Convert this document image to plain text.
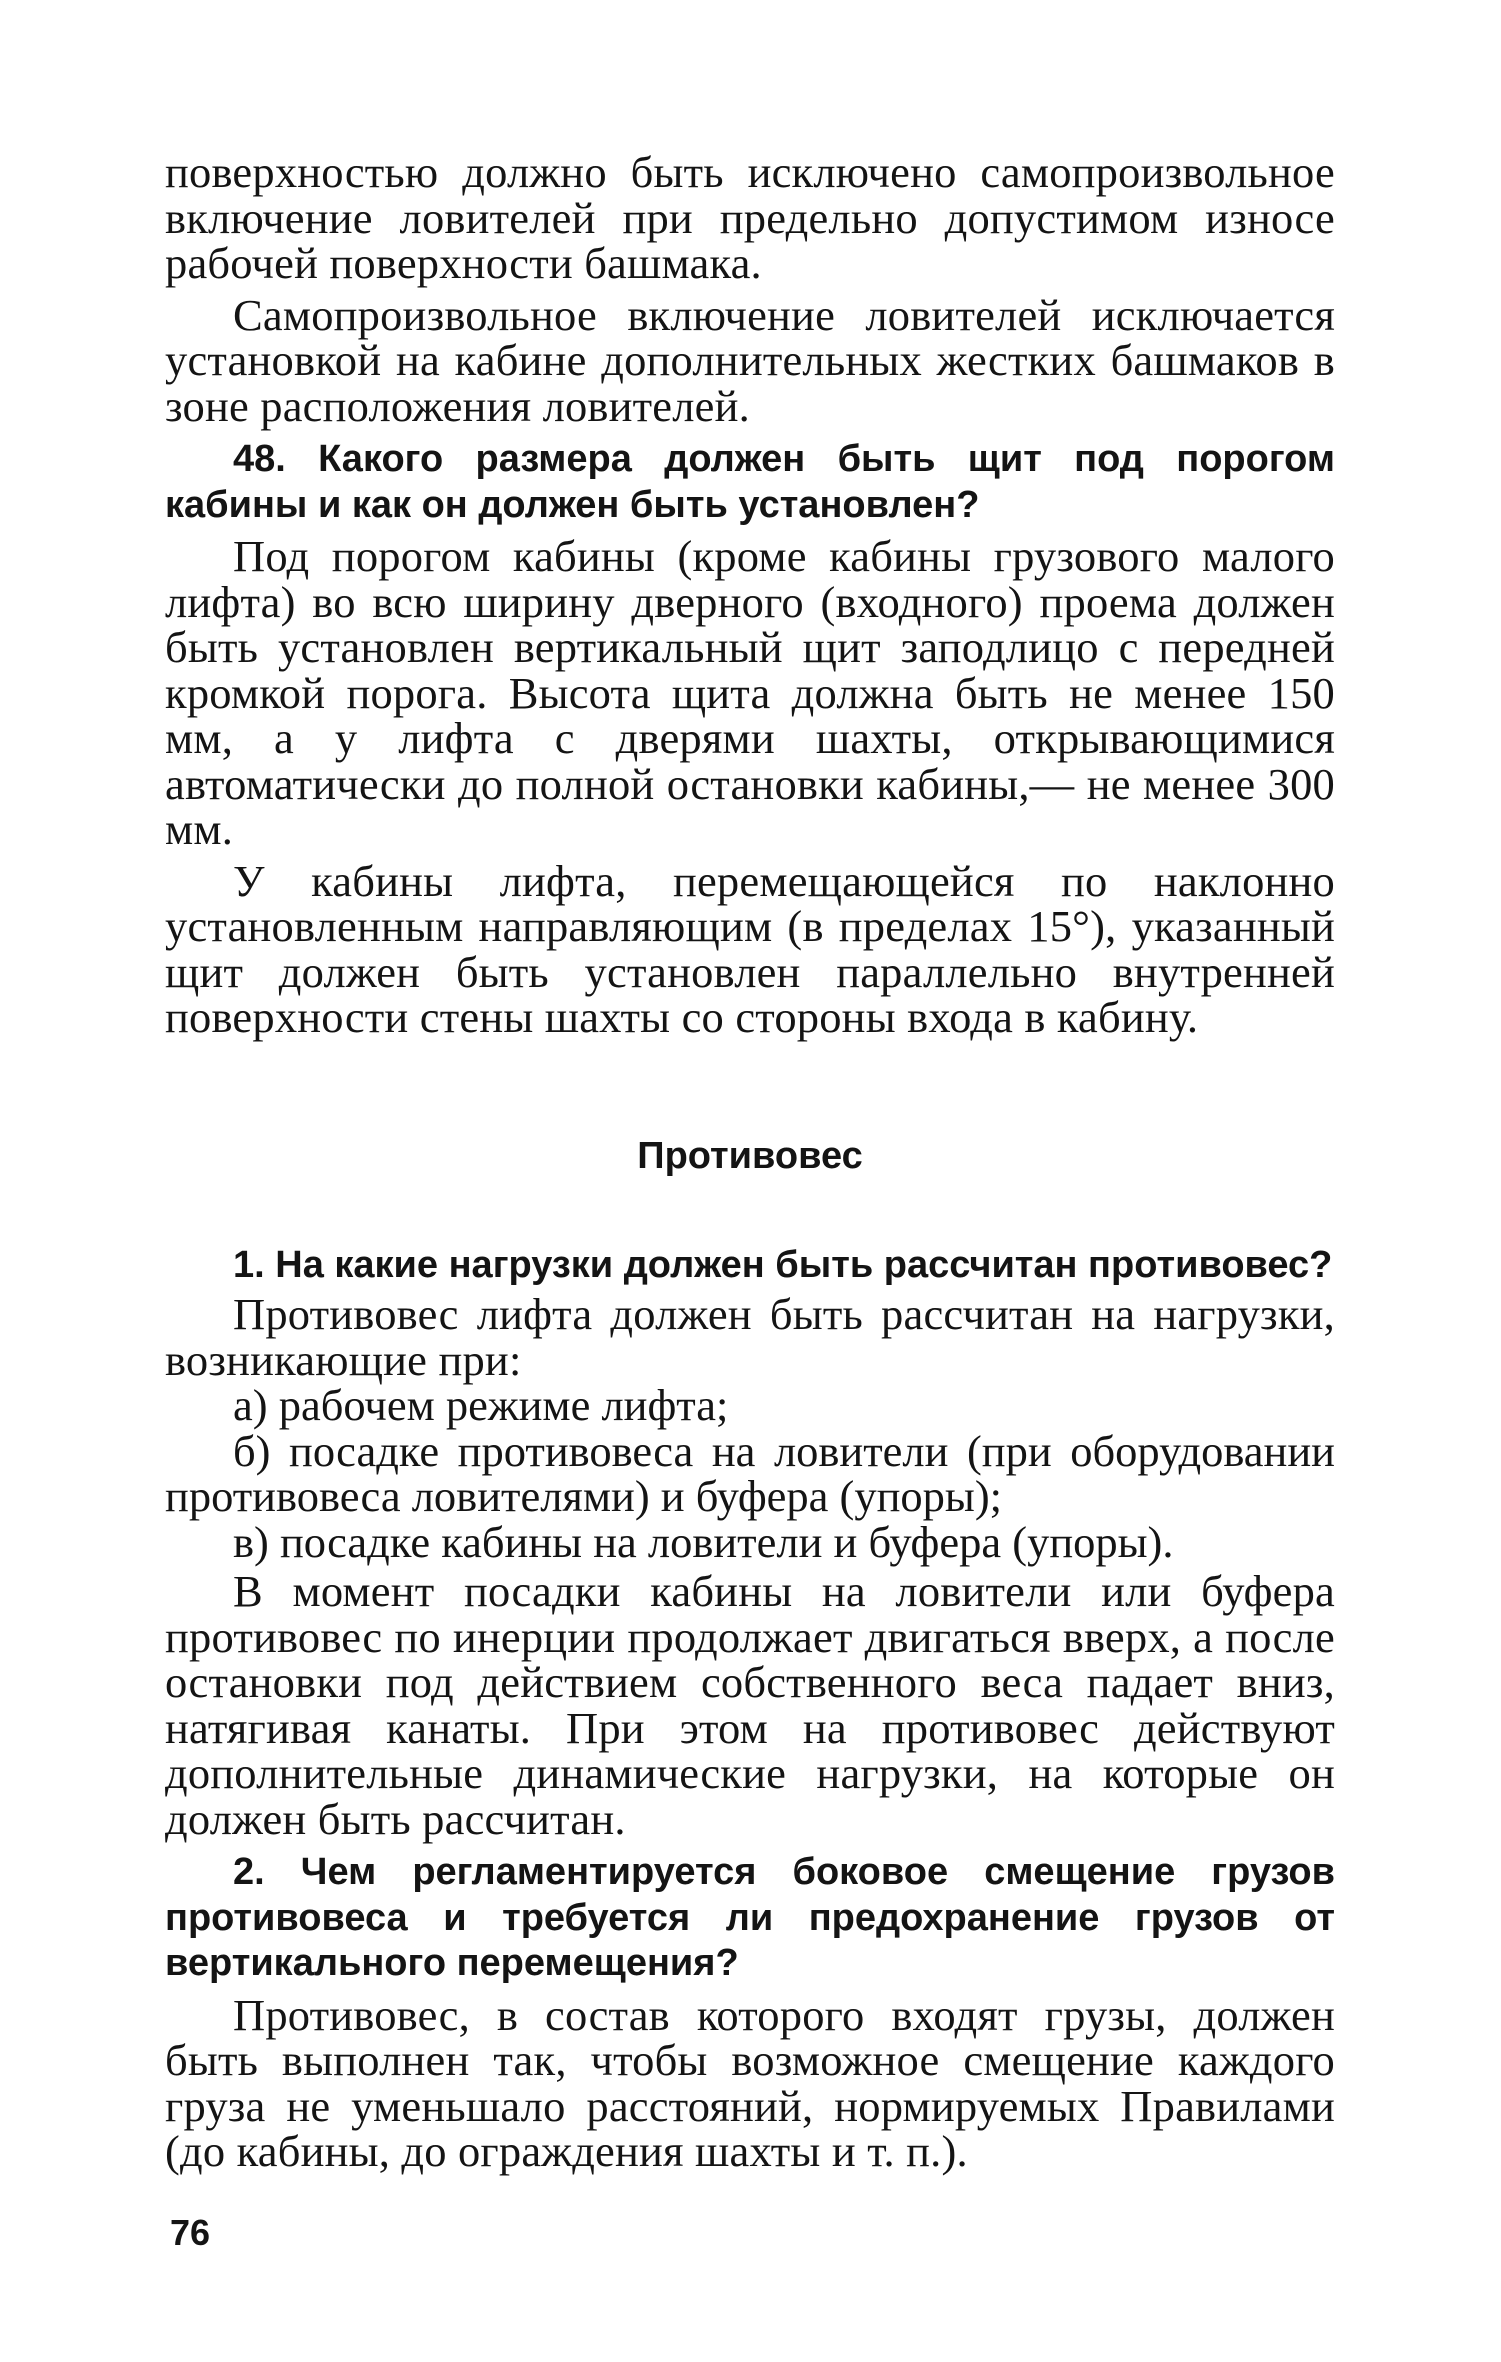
поверхностью должно быть исключено самопроизвольное включение ловителей при предельно допустимом износе рабочей поверхности башмака.

Самопроизвольное включение ловителей исключается установкой на кабине дополнительных жестких башмаков в зоне расположения ловителей.

48. Какого размера должен быть щит под порогом кабины и как он должен быть установлен?

Под порогом кабины (кроме кабины грузового малого лифта) во всю ширину дверного (входного) проема должен быть установлен вертикальный щит заподлицо с передней кромкой порога. Высота щита должна быть не менее 150 мм, а у лифта с дверями шахты, открывающимися автоматически до полной остановки кабины,— не менее 300 мм.

У кабины лифта, перемещающейся по наклонно установленным направляющим (в пределах 15°), указанный щит должен быть установлен параллельно внутренней поверхности стены шахты со стороны входа в кабину.

Противовес

1. На какие нагрузки должен быть рассчитан противовес?

Противовес лифта должен быть рассчитан на нагрузки, возникающие при:

а) рабочем режиме лифта;

б) посадке противовеса на ловители (при оборудовании противовеса ловителями) и буфера (упоры);

в) посадке кабины на ловители и буфера (упоры).

В момент посадки кабины на ловители или буфера противовес по инерции продолжает двигаться вверх, а после остановки под действием собственного веса падает вниз, натягивая канаты. При этом на противовес действуют дополнительные динамические нагрузки, на которые он должен быть рассчитан.

2. Чем регламентируется боковое смещение грузов противовеса и требуется ли предохранение грузов от вертикального перемещения?

Противовес, в состав которого входят грузы, должен быть выполнен так, чтобы возможное смещение каждого груза не уменьшало расстояний, нормируемых Правилами (до кабины, до ограждения шахты и т. п.).

76
